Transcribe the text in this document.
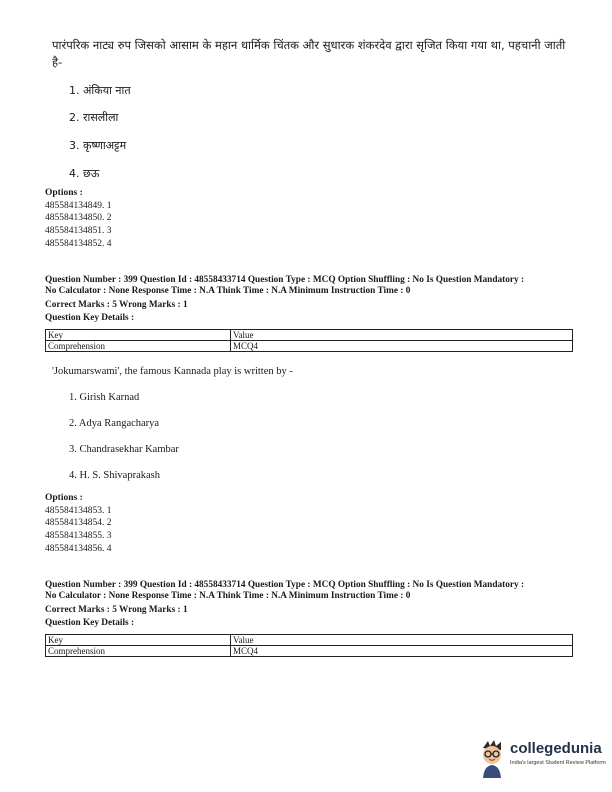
पारंपरिक नाट्य रुप जिसको आसाम के महान धार्मिक चिंतक और सुधारक शंकरदेव द्वारा सृजित किया गया था, पहचानी जाती है-
1. अंकिया नात
2. रासलीला
3. कृष्णाअट्टम
4. छऊ
Options :
485584134849. 1
485584134850. 2
485584134851. 3
485584134852. 4
Question Number : 399 Question Id : 48558433714 Question Type : MCQ Option Shuffling : No Is Question Mandatory :
No Calculator : None Response Time : N.A Think Time : N.A Minimum Instruction Time : 0
Correct Marks : 5 Wrong Marks : 1
Question Key Details :
Key	Value
Comprehension	MCQ4
'Jokumarswami', the famous Kannada play is written by -
1. Girish Karnad
2. Adya Rangacharya
3. Chandrasekhar Kambar
4. H. S. Shivaprakash
Options :
485584134853. 1
485584134854. 2
485584134855. 3
485584134856. 4
Question Number : 399 Question Id : 48558433714 Question Type : MCQ Option Shuffling : No Is Question Mandatory :
No Calculator : None Response Time : N.A Think Time : N.A Minimum Instruction Time : 0
Correct Marks : 5 Wrong Marks : 1
Question Key Details :
Key	Value
Comprehension	MCQ4
collegedunia
India's largest Student Review Platform
